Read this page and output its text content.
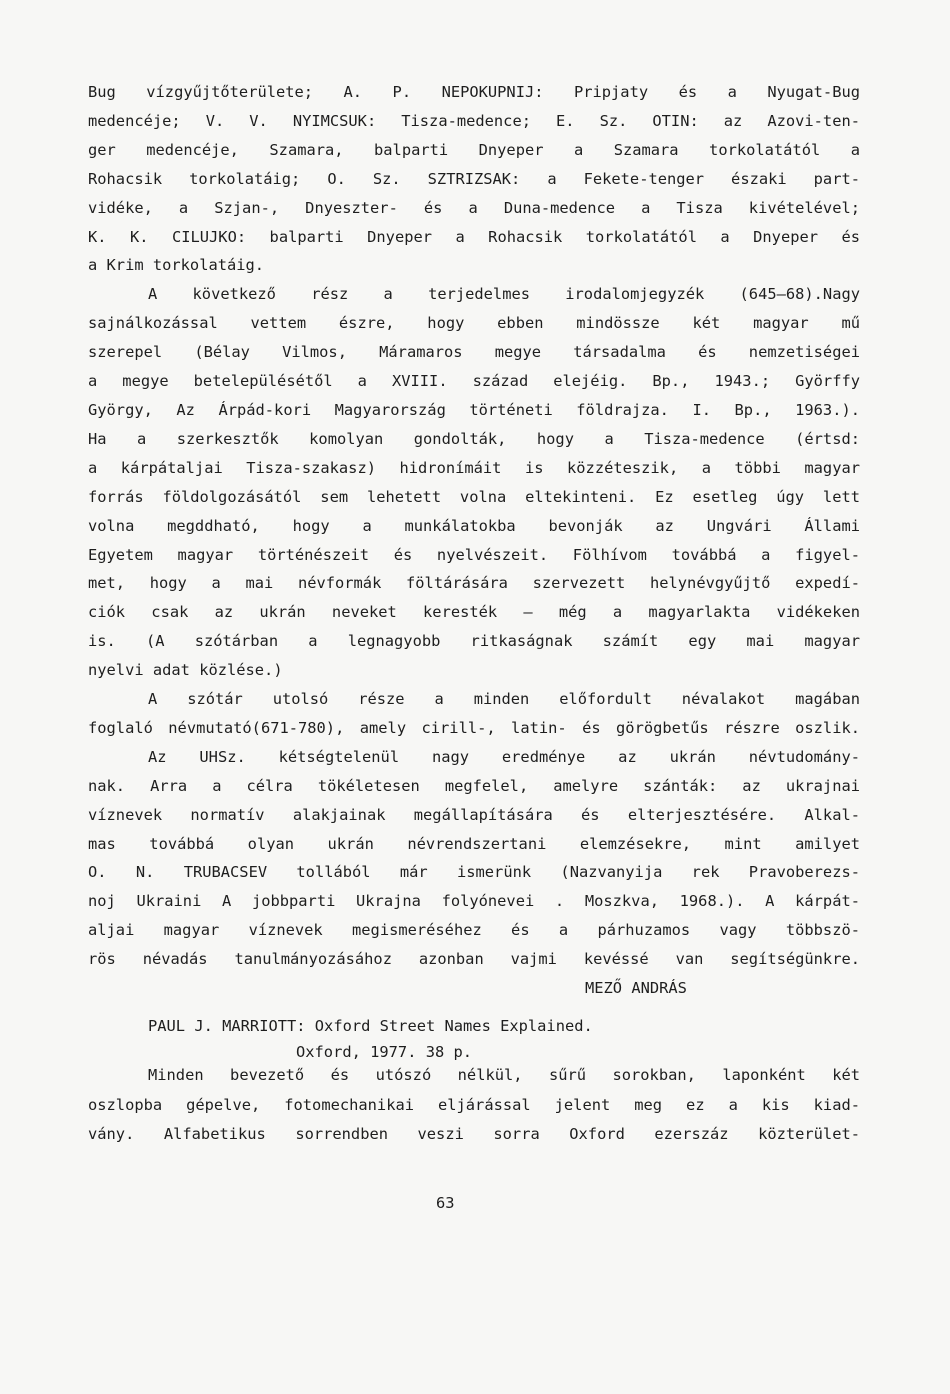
Bug vízgyűjtőterülete; A. P. NEPOKUPNIJ: Pripjaty és a Nyugat-Bug
medencéje; V. V. NYIMCSUK: Tisza-medence; E. Sz. OTIN: az Azovi-ten-
ger medencéje, Szamara, balparti Dnyeper a Szamara torkolatától a
Rohacsik torkolatáig; O. Sz. SZTRIZSAK: a Fekete-tenger északi part-
vidéke, a Szjan-, Dnyeszter- és a Duna-medence a Tisza kivételével;
K. K. CILUJKO: balparti Dnyeper a Rohacsik torkolatától a Dnyeper és
a Krim torkolatáig.
A következő rész a terjedelmes irodalomjegyzék (645—68).Nagy
sajnálkozással vettem észre, hogy ebben mindössze két magyar mű
szerepel (Bélay Vilmos, Máramaros megye társadalma és nemzetiségei
a megye betelepülésétől a XVIII. század elejéig. Bp., 1943.; Györffy
György, Az Árpád-kori Magyarország történeti földrajza. I. Bp., 1963.).
Ha a szerkesztők komolyan gondolták, hogy a Tisza-medence (értsd:
a kárpátaljai Tisza-szakasz) hidronímáit is közzéteszik, a többi magyar
forrás földolgozásától sem lehetett volna eltekinteni. Ez esetleg úgy lett
volna megddható, hogy a munkálatokba bevonják az Ungvári Állami
Egyetem magyar történészeit és nyelvészeit. Fölhívom továbbá a figyel-
met, hogy a mai névformák föltárására szervezett helynévgyűjtő expedí-
ciók csak az ukrán neveket keresték — még a magyarlakta vidékeken
is. (A szótárban a legnagyobb ritkaságnak számít egy mai magyar
nyelvi adat közlése.)
A szótár utolsó része a minden előfordult névalakot magában
foglaló névmutató(671-780), amely cirill-, latin- és görögbetűs részre oszlik.
Az UHSz. kétségtelenül nagy eredménye az ukrán névtudomány-
nak. Arra a célra tökéletesen megfelel, amelyre szánták: az ukrajnai
víznevek normatív alakjainak megállapítására és elterjesztésére. Alkal-
mas továbbá olyan ukrán névrendszertani elemzésekre, mint amilyet
O. N. TRUBACSEV tollából már ismerünk (Nazvanyija rek Pravoberezs-
noj Ukraini A jobbparti Ukrajna folyónevei . Moszkva, 1968.). A kárpát-
aljai magyar víznevek megismeréséhez és a párhuzamos vagy többszö-
rös névadás tanulmányozásához azonban vajmi kevéssé van segítségünkre.
MEZŐ ANDRÁS
PAUL J. MARRIOTT: Oxford Street Names Explained.
Oxford, 1977. 38 p.
Minden bevezető és utószó nélkül, sűrű sorokban, laponként két
oszlopba gépelve, fotomechanikai eljárással jelent meg ez a kis kiad-
vány. Alfabetikus sorrendben veszi sorra Oxford ezerszáz közterület-
63
